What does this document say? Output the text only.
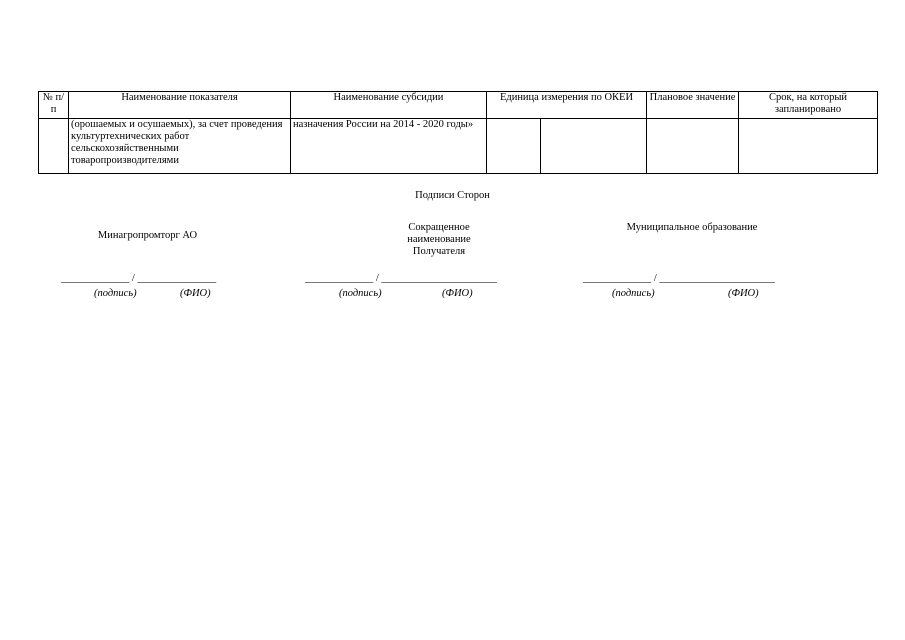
№ п/п	Наименование показателя	Наименование субсидии	Единица измерения по ОКЕИ		Плановое значение	Срок, на который запланировано
	(орошаемых и осушаемых), за счет проведения культуртехнических работ сельскохозяйственными товаропроизводителями	назначения России на 2014 - 2020 годы»				
Подписи Сторон
Минагропромторг АО
Сокращенное наименование Получателя
Муниципальное образование
_____________ / _______________	_____________ / ______________________	_____________ / ______________________
(подпись)	(ФИО)	(подпись)	(ФИО)	(подпись)	(ФИО)
